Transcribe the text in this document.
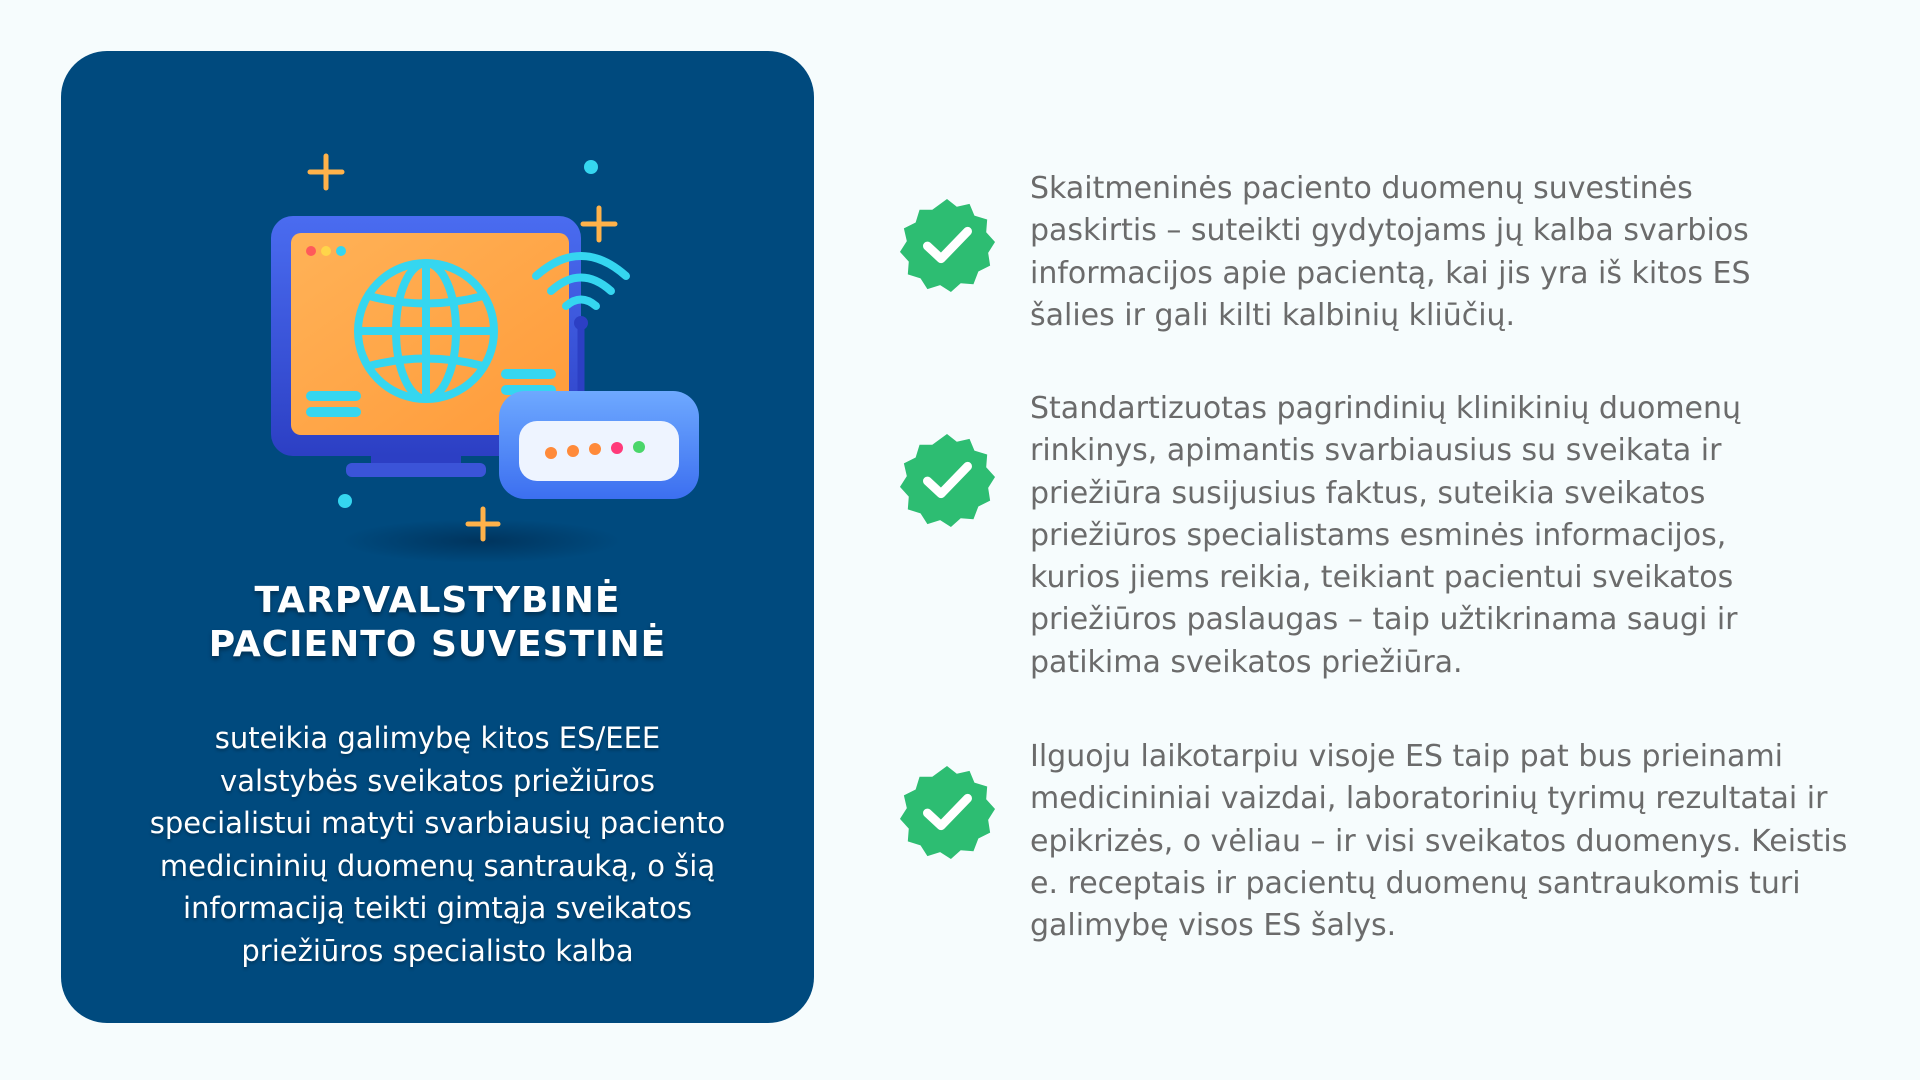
TARPVALSTYBINĖ
PACIENTO SUVESTINĖ
suteikia galimybę kitos ES/EEE
valstybės sveikatos priežiūros
specialistui matyti svarbiausių paciento
medicininių duomenų santrauką, o šią
informaciją teikti gimtąja sveikatos
priežiūros specialisto kalba
Skaitmeninės paciento duomenų suvestinės
paskirtis – suteikti gydytojams jų kalba svarbios
informacijos apie pacientą, kai jis yra iš kitos ES
šalies ir gali kilti kalbinių kliūčių.
Standartizuotas pagrindinių klinikinių duomenų
rinkinys, apimantis svarbiausius su sveikata ir
priežiūra susijusius faktus, suteikia sveikatos
priežiūros specialistams esminės informacijos,
kurios jiems reikia, teikiant pacientui sveikatos
priežiūros paslaugas – taip užtikrinama saugi ir
patikima sveikatos priežiūra.
Ilguoju laikotarpiu visoje ES taip pat bus prieinami
medicininiai vaizdai, laboratorinių tyrimų rezultatai ir
epikrizės, o vėliau – ir visi sveikatos duomenys. Keistis
e. receptais ir pacientų duomenų santraukomis turi
galimybę visos ES šalys.
